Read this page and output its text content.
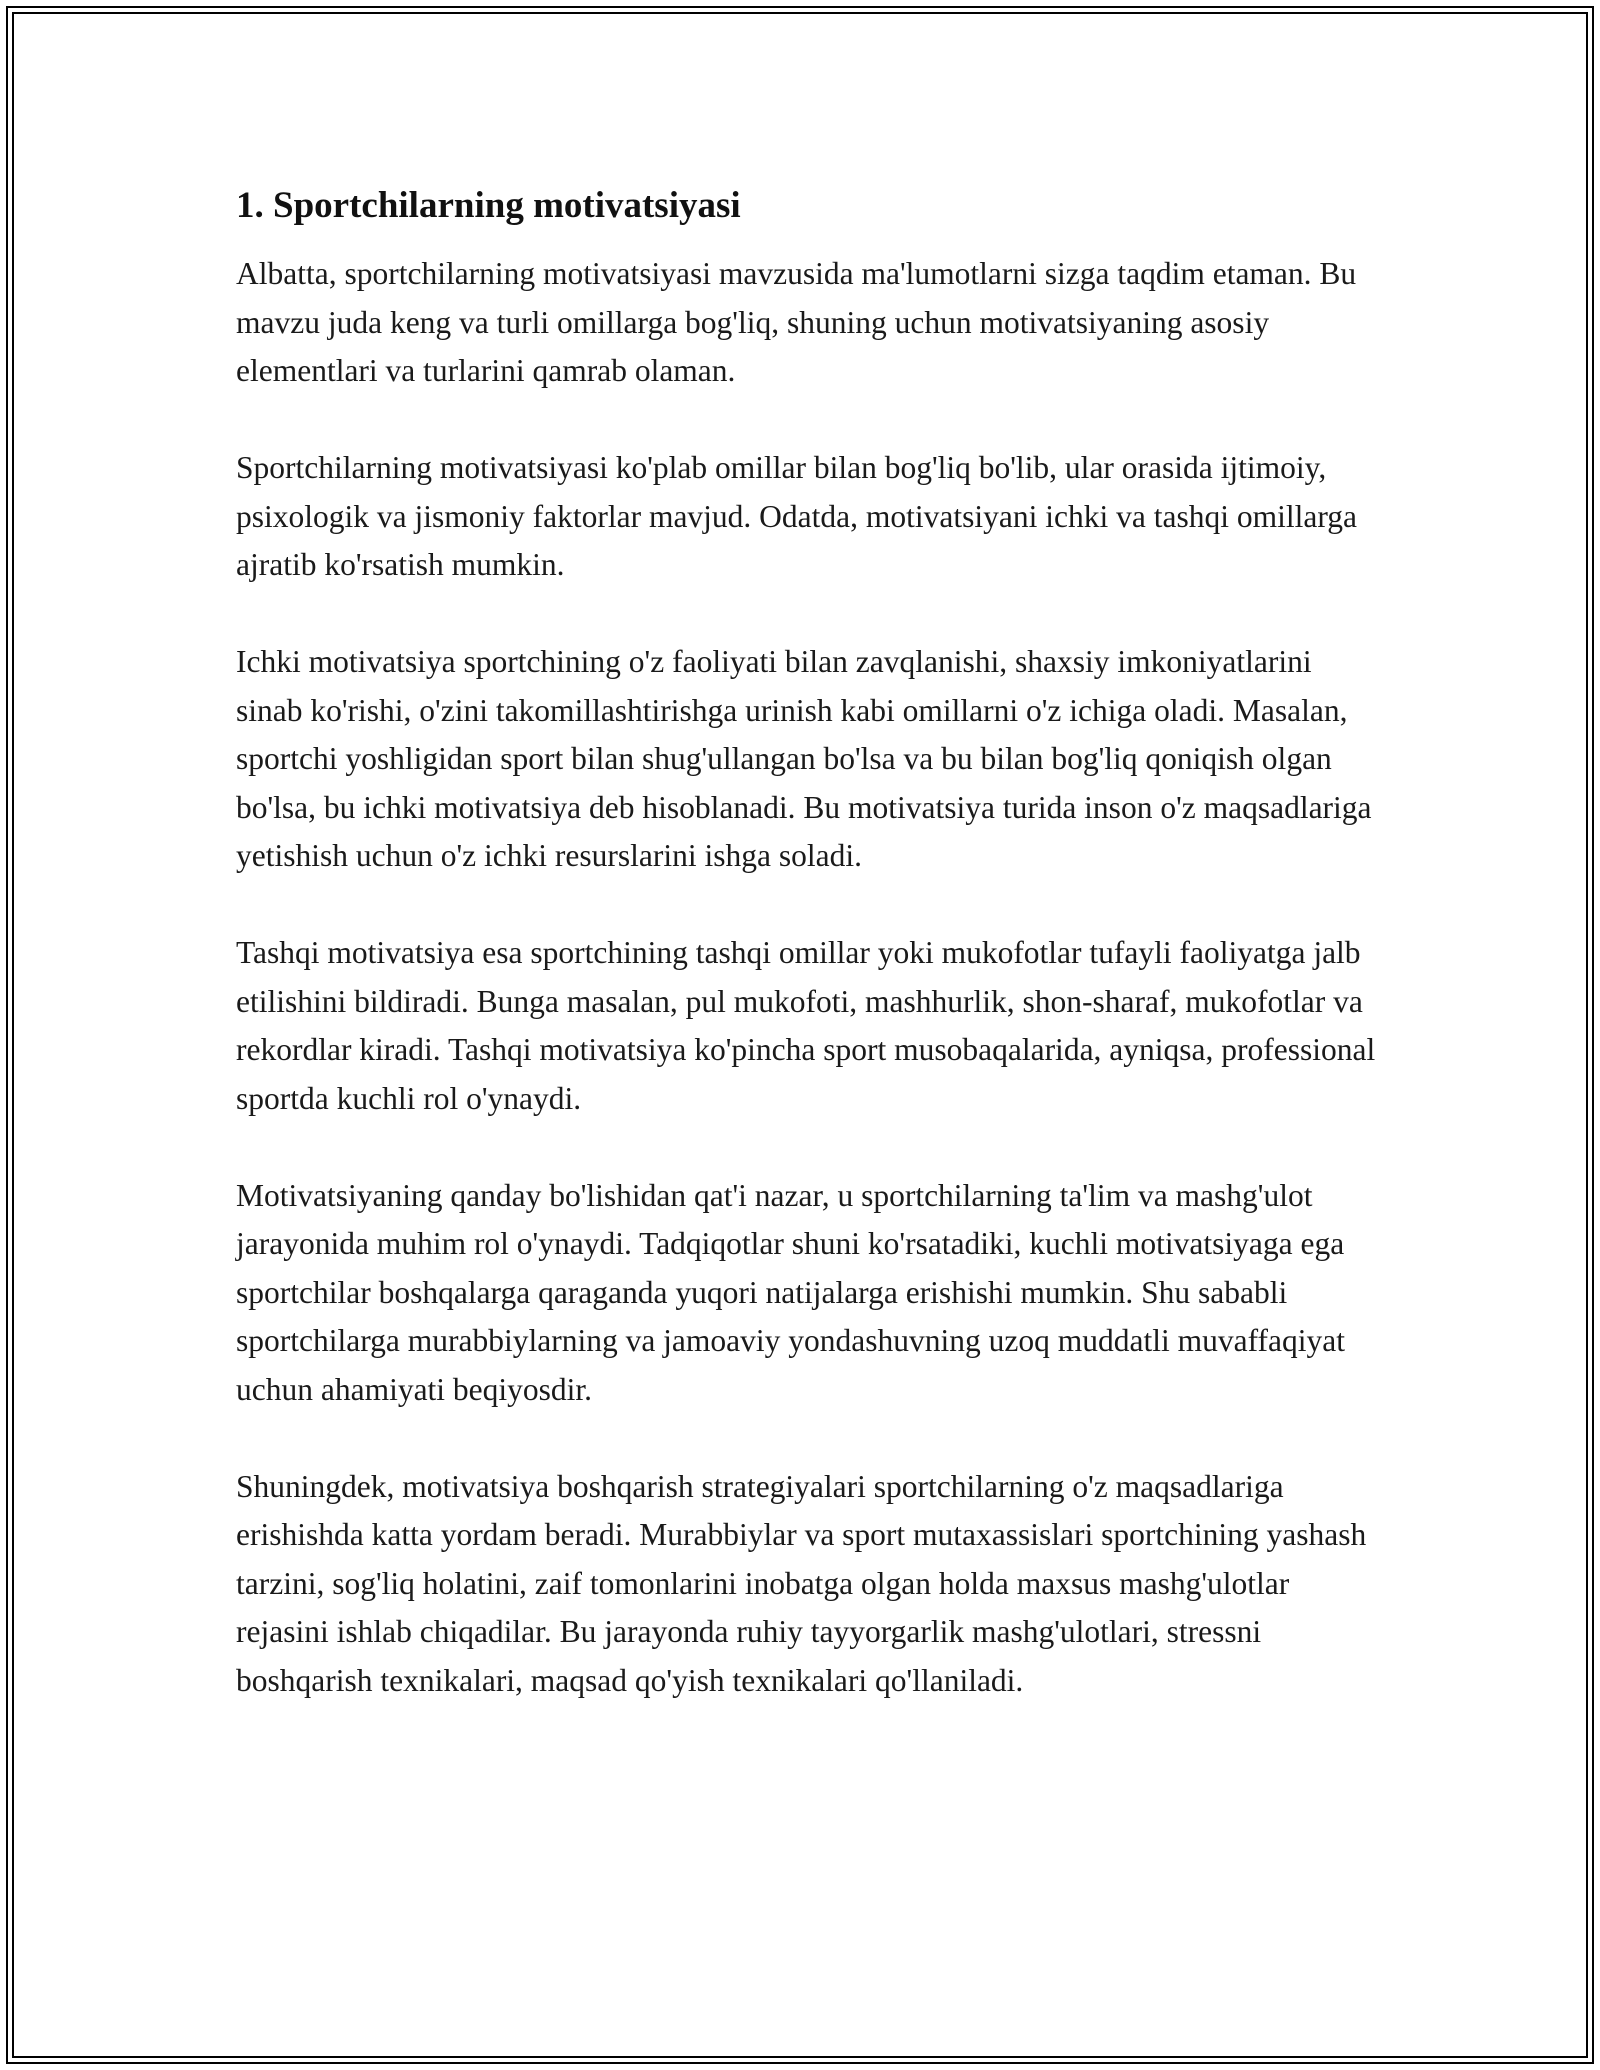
1. Sportchilarning motivatsiyasi

Albatta, sportchilarning motivatsiyasi mavzusida ma'lumotlarni sizga taqdim etaman. Bu mavzu juda keng va turli omillarga bog'liq, shuning uchun motivatsiyaning asosiy elementlari va turlarini qamrab olaman.

Sportchilarning motivatsiyasi ko'plab omillar bilan bog'liq bo'lib, ular orasida ijtimoiy, psixologik va jismoniy faktorlar mavjud. Odatda, motivatsiyani ichki va tashqi omillarga ajratib ko'rsatish mumkin.

Ichki motivatsiya sportchining o'z faoliyati bilan zavqlanishi, shaxsiy imkoniyatlarini sinab ko'rishi, o'zini takomillashtirishga urinish kabi omillarni o'z ichiga oladi. Masalan, sportchi yoshligidan sport bilan shug'ullangan bo'lsa va bu bilan bog'liq qoniqish olgan bo'lsa, bu ichki motivatsiya deb hisoblanadi. Bu motivatsiya turida inson o'z maqsadlariga yetishish uchun o'z ichki resurslarini ishga soladi.

Tashqi motivatsiya esa sportchining tashqi omillar yoki mukofotlar tufayli faoliyatga jalb etilishini bildiradi. Bunga masalan, pul mukofoti, mashhurlik, shon-sharaf, mukofotlar va rekordlar kiradi. Tashqi motivatsiya ko'pincha sport musobaqalarida, ayniqsa, professional sportda kuchli rol o'ynaydi.

Motivatsiyaning qanday bo'lishidan qat'i nazar, u sportchilarning ta'lim va mashg'ulot jarayonida muhim rol o'ynaydi. Tadqiqotlar shuni ko'rsatadiki, kuchli motivatsiyaga ega sportchilar boshqalarga qaraganda yuqori natijalarga erishishi mumkin. Shu sababli sportchilarga murabbiylarning va jamoaviy yondashuvning uzoq muddatli muvaffaqiyat uchun ahamiyati beqiyosdir.

Shuningdek, motivatsiya boshqarish strategiyalari sportchilarning o'z maqsadlariga erishishda katta yordam beradi. Murabbiylar va sport mutaxassislari sportchining yashash tarzini, sog'liq holatini, zaif tomonlarini inobatga olgan holda maxsus mashg'ulotlar rejasini ishlab chiqadilar. Bu jarayonda ruhiy tayyorgarlik mashg'ulotlari, stressni boshqarish texnikalari, maqsad qo'yish texnikalari qo'llaniladi.
